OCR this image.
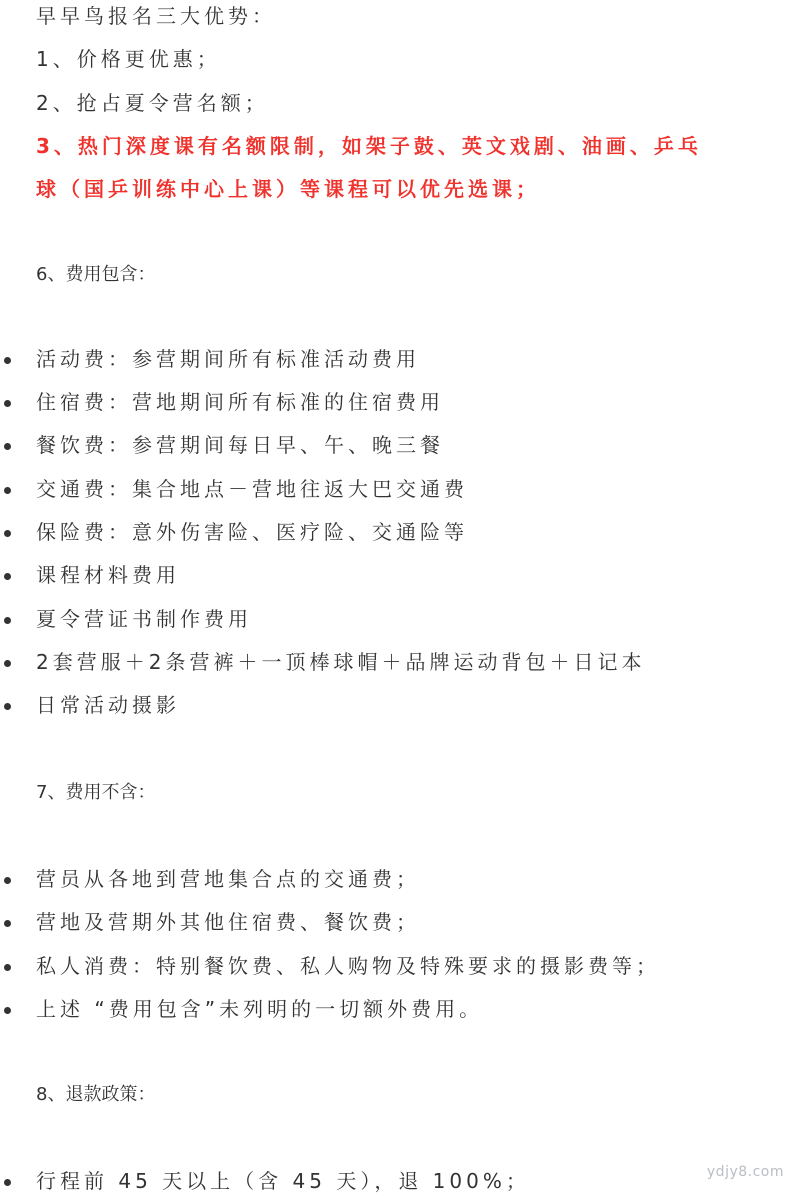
早早鸟报名三大优势：
1、价格更优惠；
2、抢占夏令营名额；
3、热门深度课有名额限制，如架子鼓、英文戏剧、油画、乒乓
球（国乒训练中心上课）等课程可以优先选课；
6、费用包含：
活动费：参营期间所有标准活动费用
住宿费：营地期间所有标准的住宿费用
餐饮费：参营期间每日早、午、晚三餐
交通费：集合地点－营地往返大巴交通费
保险费：意外伤害险、医疗险、交通险等
课程材料费用
夏令营证书制作费用
2套营服＋2条营裤＋一顶棒球帽＋品牌运动背包＋日记本
日常活动摄影
7、费用不含：
营员从各地到营地集合点的交通费；
营地及营期外其他住宿费、餐饮费；
私人消费：特别餐饮费、私人购物及特殊要求的摄影费等；
上述 “费用包含”未列明的一切额外费用。
8、退款政策：
行程前 45 天以上（含 45 天），退 100%；	ydjy8.com
